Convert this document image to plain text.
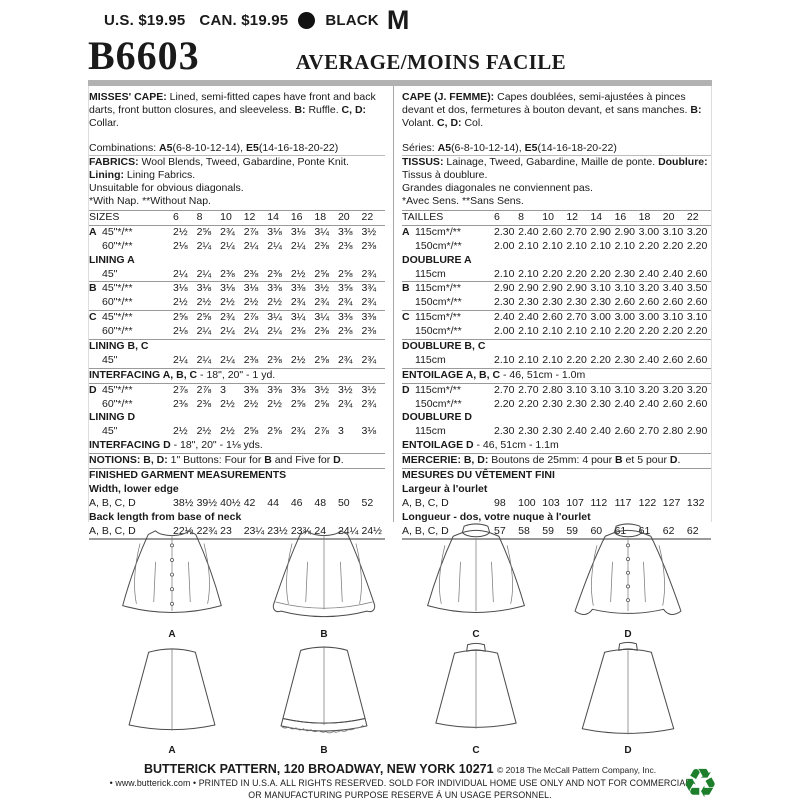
U.S. $19.95 CAN. $19.95 BLACK M
B6603	AVERAGE/MOINS FACILE

MISSES' CAPE: Lined, semi-fitted capes have front and back darts, front button closures, and sleeveless. B: Ruffle. C, D: Collar.

Combinations: A5(6-8-10-12-14), E5(14-16-18-20-22)

FABRICS: Wool Blends, Tweed, Gabardine, Ponte Knit. Lining: Lining Fabrics.

Unsuitable for obvious diagonals.

*With Nap. **Without Nap.

SIZES	6	8	10	12	14	16	18	20	22
A 45"*/**	2½ 2⅝ 2¾ 2⅞ 3⅛ 3⅛ 3¼ 3⅜ 3½
60"*/**	2⅛ 2¼ 2¼ 2¼ 2¼ 2¼ 2⅜ 2⅜ 2⅜
LINING A
45"	2¼ 2¼ 2⅜ 2⅜ 2⅜ 2½ 2⅝ 2⅝ 2¾
B 45"*/**	3⅛ 3⅛ 3⅛ 3⅛ 3⅜ 3⅜ 3½ 3⅝ 3¾
60"*/**	2½ 2½ 2½ 2½ 2½ 2¾ 2¾ 2¾ 2¾
C 45"*/**	2⅝ 2⅝ 2¾ 2⅞ 3¼ 3¼ 3¼ 3⅜ 3⅜
60"*/**	2⅛ 2¼ 2¼ 2¼ 2¼ 2⅜ 2⅜ 2⅜ 2⅜
LINING B, C
45"	2¼ 2¼ 2¼ 2⅜ 2⅜ 2½ 2⅝ 2¾ 2¾
INTERFACING A, B, C - 18", 20" - 1 yd.
D 45"*/**	2⅞ 2⅞ 3	3⅜ 3⅜ 3⅜ 3½ 3½ 3½
60"*/**	2⅜ 2⅜ 2½ 2½ 2½ 2⅝ 2⅝ 2¾ 2¾
LINING D
45"	2½ 2½ 2½ 2⅝ 2⅝ 2¾ 2⅞ 3	3⅛
INTERFACING D - 18", 20" - 1⅛ yds.
NOTIONS: B, D: 1" Buttons: Four for B and Five for D.
FINISHED GARMENT MEASUREMENTS
Width, lower edge
A, B, C, D	38½ 39½ 40½ 42	44	46	48	50	52
Back length from base of neck
A, B, C, D	22½ 22¾ 23	23¼ 23½ 23¾ 24	24¼ 24½

CAPE (J. FEMME): Capes doublées, semi-ajustées à pinces devant et dos, fermetures à bouton devant, et sans manches. B: Volant. C, D: Col.

Séries: A5(6-8-10-12-14), E5(14-16-18-20-22)

TISSUS: Lainage, Tweed, Gabardine, Maille de ponte. Doublure: Tissus à doublure.

Grandes diagonales ne conviennent pas.

*Avec Sens. **Sans Sens.

TAILLES	6	8	10	12	14	16	18	20	22
A 115cm*/**	2.30 2.40 2.60 2.70 2.90 2.90 3.00 3.10 3.20
150cm*/**	2.00 2.10 2.10 2.10 2.10 2.10 2.20 2.20 2.20
DOUBLURE A
115cm	2.10 2.10 2.20 2.20 2.20 2.30 2.40 2.40 2.60
B 115cm*/**	2.90 2.90 2.90 2.90 3.10 3.10 3.20 3.40 3.50
150cm*/**	2.30 2.30 2.30 2.30 2.30 2.60 2.60 2.60 2.60
C 115cm*/**	2.40 2.40 2.60 2.70 3.00 3.00 3.00 3.10 3.10
150cm*/**	2.00 2.10 2.10 2.10 2.10 2.20 2.20 2.20 2.20
DOUBLURE B, C
115cm	2.10 2.10 2.10 2.20 2.20 2.30 2.40 2.60 2.60
ENTOILAGE A, B, C - 46, 51cm - 1.0m
D 115cm*/**	2.70 2.70 2.80 3.10 3.10 3.10 3.20 3.20 3.20
150cm*/**	2.20 2.20 2.30 2.30 2.30 2.40 2.40 2.60 2.60
DOUBLURE D
115cm	2.30 2.30 2.30 2.40 2.40 2.60 2.70 2.80 2.90
ENTOILAGE D - 46, 51cm - 1.1m
MERCERIE: B, D: Boutons de 25mm: 4 pour B et 5 pour D.
MESURES DU VÊTEMENT FINI
Largeur à l'ourlet
A, B, C, D	98	100 103 107 112 117 122 127 132
Longueur - dos, votre nuque à l'ourlet
A, B, C, D	57	58	59	59	60	61	61	62	62
A	B	C	D
A	B	C	D
BUTTERICK PATTERN, 120 BROADWAY, NEW YORK 10271 © 2018 The McCall Pattern Company, Inc.
• www.butterick.com • PRINTED IN U.S.A. ALL RIGHTS RESERVED. SOLD FOR INDIVIDUAL HOME USE ONLY AND NOT FOR COMMERCIAL
OR MANUFACTURING PURPOSE RESERVE Á UN USAGE PERSONNEL.	♻
